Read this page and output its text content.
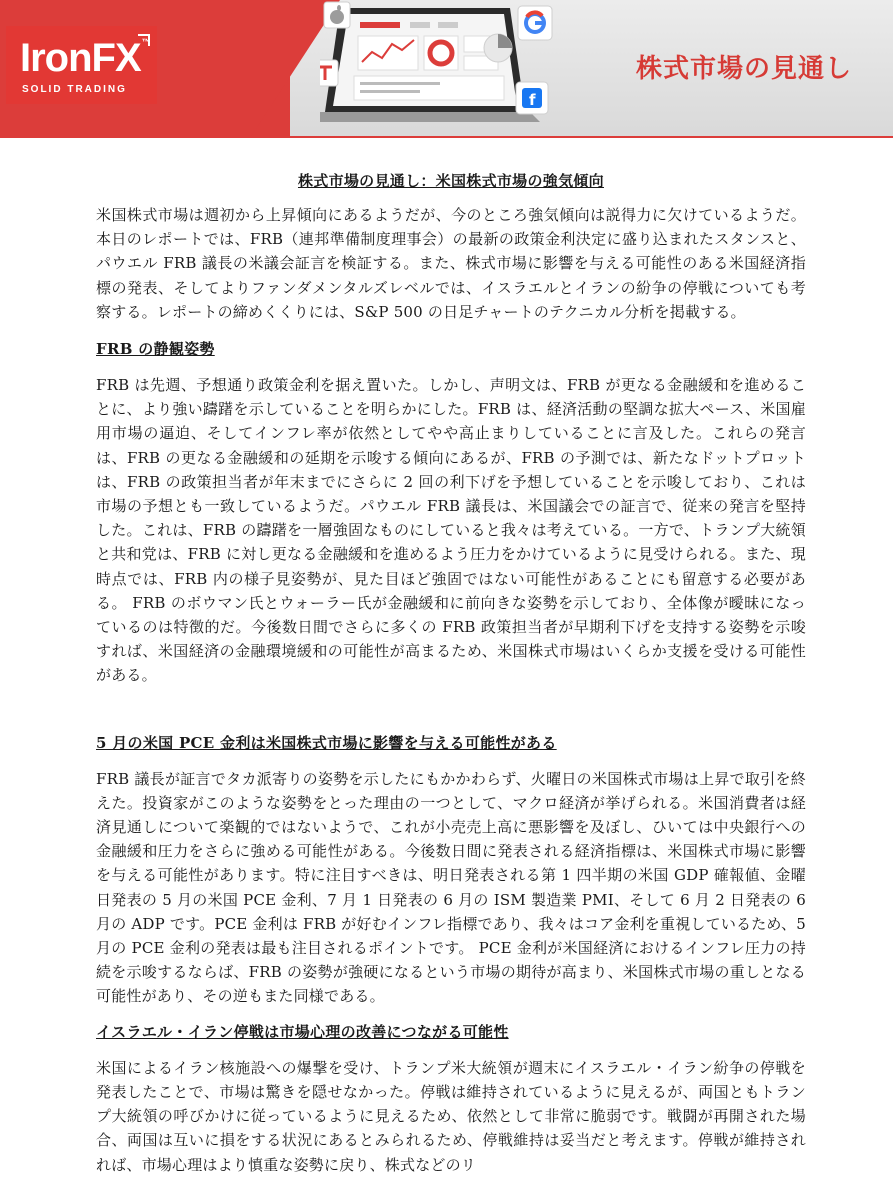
IronFX™
SOLID TRADING
f
株式市場の見通し

株式市場の見通し：米国株式市場の強気傾向

米国株式市場は週初から上昇傾向にあるようだが、今のところ強気傾向は説得力に欠けているようだ。本日のレポートでは、FRB（連邦準備制度理事会）の最新の政策金利決定に盛り込まれたスタンスと、パウエル FRB 議長の米議会証言を検証する。また、株式市場に影響を与える可能性のある米国経済指標の発表、そしてよりファンダメンタルズレベルでは、イスラエルとイランの紛争の停戦についても考察する。レポートの締めくくりには、S&P 500 の日足チャートのテクニカル分析を掲載する。

FRB の静観姿勢

FRB は先週、予想通り政策金利を据え置いた。しかし、声明文は、FRB が更なる金融緩和を進めることに、より強い躊躇を示していることを明らかにした。FRB は、経済活動の堅調な拡大ペース、米国雇用市場の逼迫、そしてインフレ率が依然としてやや高止まりしていることに言及した。これらの発言は、FRB の更なる金融緩和の延期を示唆する傾向にあるが、FRB の予測では、新たなドットプロットは、FRB の政策担当者が年末までにさらに 2 回の利下げを予想していることを示唆しており、これは市場の予想とも一致しているようだ。パウエル FRB 議長は、米国議会での証言で、従来の発言を堅持した。これは、FRB の躊躇を一層強固なものにしていると我々は考えている。一方で、トランプ大統領と共和党は、FRB に対し更なる金融緩和を進めるよう圧力をかけているように見受けられる。また、現時点では、FRB 内の様子見姿勢が、見た目ほど強固ではない可能性があることにも留意する必要がある。 FRB のボウマン氏とウォーラー氏が金融緩和に前向きな姿勢を示しており、全体像が曖昧になっているのは特徴的だ。今後数日間でさらに多くの FRB 政策担当者が早期利下げを支持する姿勢を示唆すれば、米国経済の金融環境緩和の可能性が高まるため、米国株式市場はいくらか支援を受ける可能性がある。

5 月の米国 PCE 金利は米国株式市場に影響を与える可能性がある

FRB 議長が証言でタカ派寄りの姿勢を示したにもかかわらず、火曜日の米国株式市場は上昇で取引を終えた。投資家がこのような姿勢をとった理由の一つとして、マクロ経済が挙げられる。米国消費者は経済見通しについて楽観的ではないようで、これが小売売上高に悪影響を及ぼし、ひいては中央銀行への金融緩和圧力をさらに強める可能性がある。今後数日間に発表される経済指標は、米国株式市場に影響を与える可能性があります。特に注目すべきは、明日発表される第 1 四半期の米国 GDP 確報値、金曜日発表の 5 月の米国 PCE 金利、7 月 1 日発表の 6 月の ISM 製造業 PMI、そして 6 月 2 日発表の 6 月の ADP です。PCE 金利は FRB が好むインフレ指標であり、我々はコア金利を重視しているため、5 月の PCE 金利の発表は最も注目されるポイントです。 PCE 金利が米国経済におけるインフレ圧力の持続を示唆するならば、FRB の姿勢が強硬になるという市場の期待が高まり、米国株式市場の重しとなる可能性があり、その逆もまた同様である。

イスラエル・イラン停戦は市場心理の改善につながる可能性

米国によるイラン核施設への爆撃を受け、トランプ米大統領が週末にイスラエル・イラン紛争の停戦を発表したことで、市場は驚きを隠せなかった。停戦は維持されているように見えるが、両国ともトランプ大統領の呼びかけに従っているように見えるため、依然として非常に脆弱です。戦闘が再開された場合、両国は互いに損をする状況にあるとみられるため、停戦維持は妥当だと考えます。停戦が維持されれば、市場心理はより慎重な姿勢に戻り、株式などのリ
